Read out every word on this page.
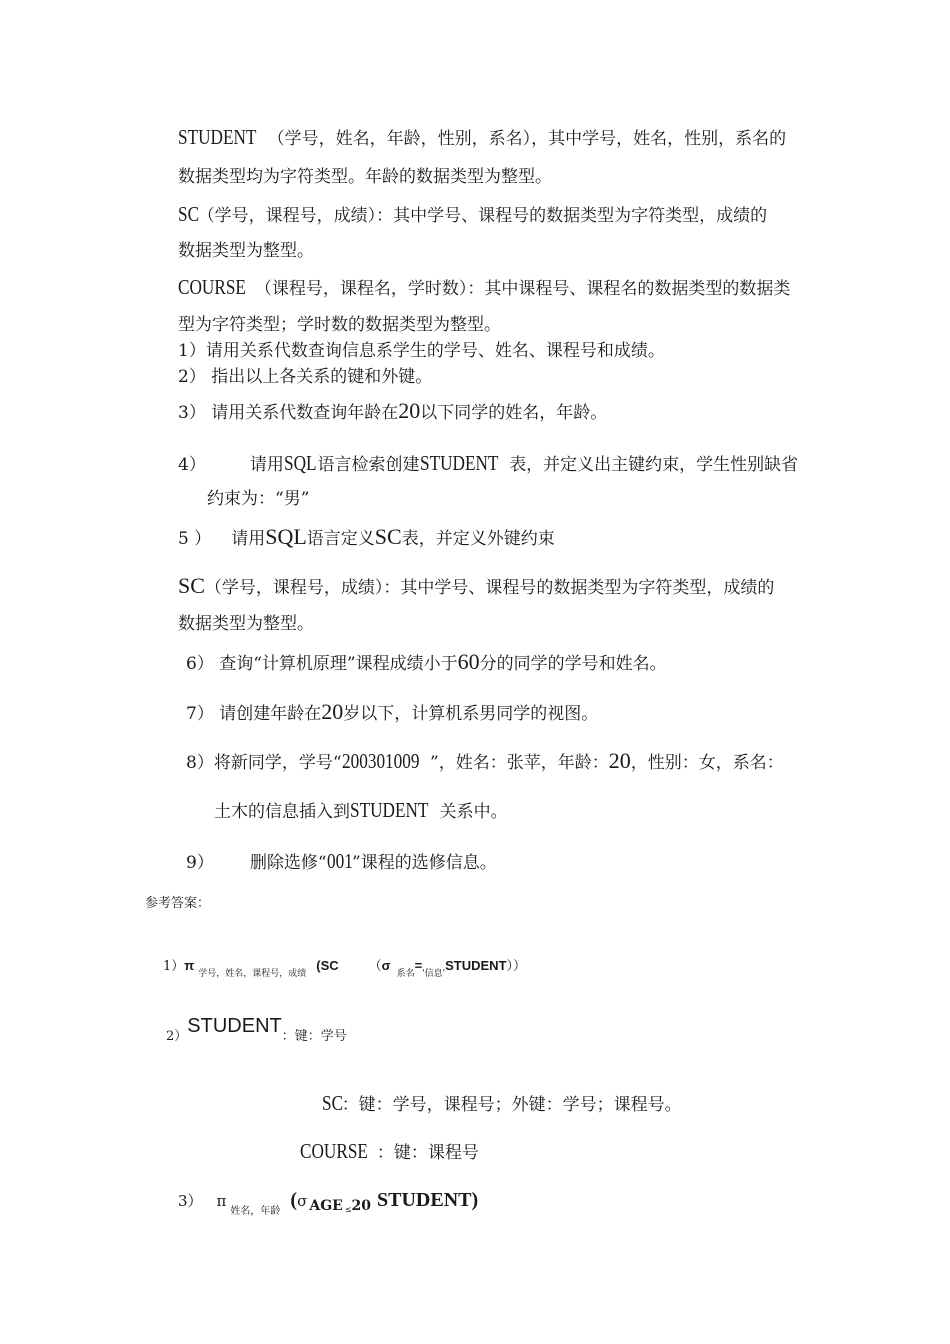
STUDENT （学号，姓名，年龄，性别，系名），其中学号，姓名，性别，系名的
数据类型均为字符类型。年龄的数据类型为整型。
SC（学号，课程号，成绩）：其中学号、课程号的数据类型为字符类型，成绩的
数据类型为整型。
COURSE （课程号，课程名，学时数）：其中课程号、课程名的数据类型的数据类
型为字符类型；学时数的数据类型为整型。
1）请用关系代数查询信息系学生的学号、姓名、课程号和成绩。
2） 指出以上各关系的键和外键。
3） 请用关系代数查询年龄在20以下同学的姓名，年龄。
4）	请用SQL语言检索创建STUDENT 表，并定义出主键约束，学生性别缺省
约束为：“男”
5 ） 请用SQL语言定义SC表，并定义外键约束
SC（学号，课程号，成绩）：其中学号、课程号的数据类型为字符类型，成绩的
数据类型为整型。
6） 查询“计算机原理”课程成绩小于60分的同学的学号和姓名。
7） 请创建年龄在20岁以下，计算机系男同学的视图。
8）将新同学，学号“200301009 ”，姓名：张苹，年龄：20，性别：女，系名：
土木的信息插入到STUDENT 关系中。
9） 删除选修“001”课程的选修信息。
参考答案：
$1)\pi_{学号,姓名,课程号,成绩}(SC$ $(\sigma_{系名}=_{'信息'}STUDENT)$）
$_{2)}STUDENT_{:键:学号}$
SC：键：学号，课程号；外键：学号；课程号。
COURSE ：键：课程号
3） $\pi_{姓名,年龄}(\sigma$ $_{AGE}$ $_{\le 20}$ STUDENT)
